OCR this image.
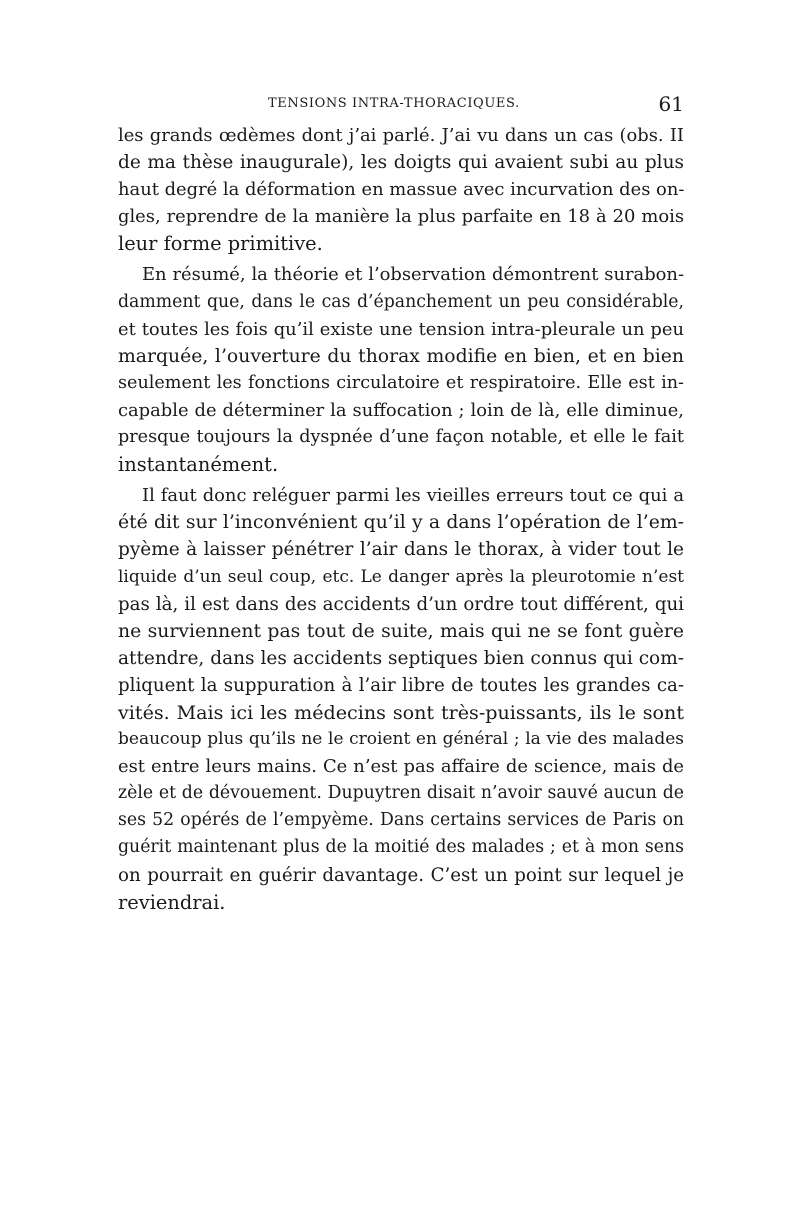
TENSIONS INTRA-THORACIQUES.	61

les grands œdèmes dont j’ai parlé. J’ai vu dans un cas (obs. II
de ma thèse inaugurale), les doigts qui avaient subi au plus
haut degré la déformation en massue avec incurvation des on-
gles, reprendre de la manière la plus parfaite en 18 à 20 mois
leur forme primitive.

En résumé, la théorie et l’observation démontrent surabon-
damment que, dans le cas d’épanchement un peu considérable,
et toutes les fois qu’il existe une tension intra-pleurale un peu
marquée, l’ouverture du thorax modifie en bien, et en bien
seulement les fonctions circulatoire et respiratoire. Elle est in-
capable de déterminer la suffocation ; loin de là, elle diminue,
presque toujours la dyspnée d’une façon notable, et elle le fait
instantanément.

Il faut donc reléguer parmi les vieilles erreurs tout ce qui a
été dit sur l’inconvénient qu’il y a dans l’opération de l’em-
pyème à laisser pénétrer l’air dans le thorax, à vider tout le
liquide d’un seul coup, etc. Le danger après la pleurotomie n’est
pas là, il est dans des accidents d’un ordre tout différent, qui
ne surviennent pas tout de suite, mais qui ne se font guère
attendre, dans les accidents septiques bien connus qui com-
pliquent la suppuration à l’air libre de toutes les grandes ca-
vités. Mais ici les médecins sont très-puissants, ils le sont
beaucoup plus qu’ils ne le croient en général ; la vie des malades
est entre leurs mains. Ce n’est pas affaire de science, mais de
zèle et de dévouement. Dupuytren disait n’avoir sauvé aucun de
ses 52 opérés de l’empyème. Dans certains services de Paris on
guérit maintenant plus de la moitié des malades ; et à mon sens
on pourrait en guérir davantage. C’est un point sur lequel je
reviendrai.
